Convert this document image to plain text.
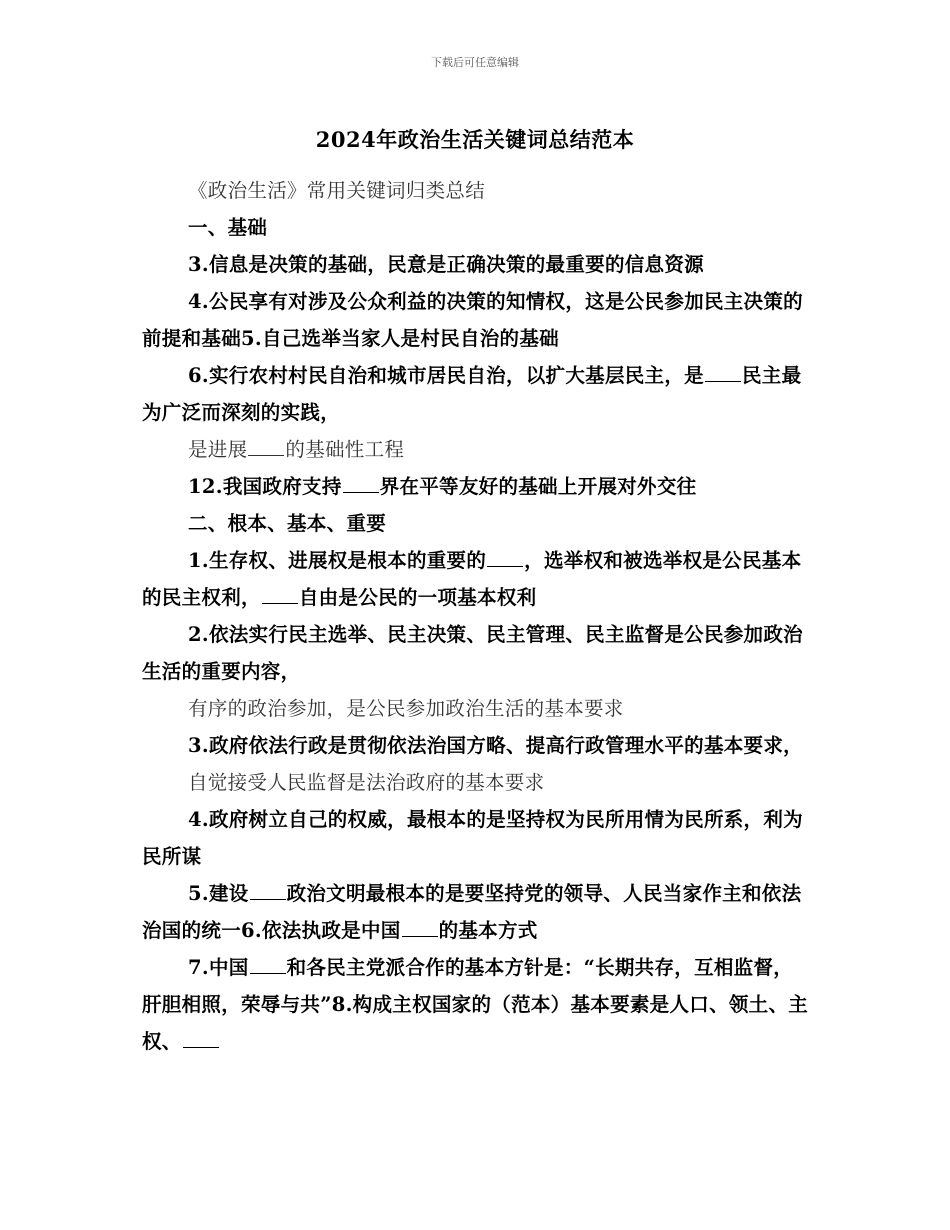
下载后可任意编辑
2024年政治生活关键词总结范本

《政治生活》常用关键词归类总结

一、基础

3.信息是决策的基础，民意是正确决策的最重要的信息资源

4.公民享有对涉及公众利益的决策的知情权，这是公民参加民主决策的前提和基础5.自己选举当家人是村民自治的基础

6.实行农村村民自治和城市居民自治，以扩大基层民主，是 民主最为广泛而深刻的实践，

是进展 的基础性工程

12.我国政府支持 界在平等友好的基础上开展对外交往

二、根本、基本、重要

1.生存权、进展权是根本的重要的 ，选举权和被选举权是公民基本的民主权利， 自由是公民的一项基本权利

2.依法实行民主选举、民主决策、民主管理、民主监督是公民参加政治生活的重要内容，

有序的政治参加，是公民参加政治生活的基本要求

3.政府依法行政是贯彻依法治国方略、提高行政管理水平的基本要求，

自觉接受人民监督是法治政府的基本要求

4.政府树立自己的权威，最根本的是坚持权为民所用情为民所系，利为民所谋

5.建设 政治文明最根本的是要坚持党的领导、人民当家作主和依法治国的统一6.依法执政是中国 的基本方式

7.中国 和各民主党派合作的基本方针是：“长期共存，互相监督，肝胆相照，荣辱与共”8.构成主权国家的（范本）基本要素是人口、领土、主权、
